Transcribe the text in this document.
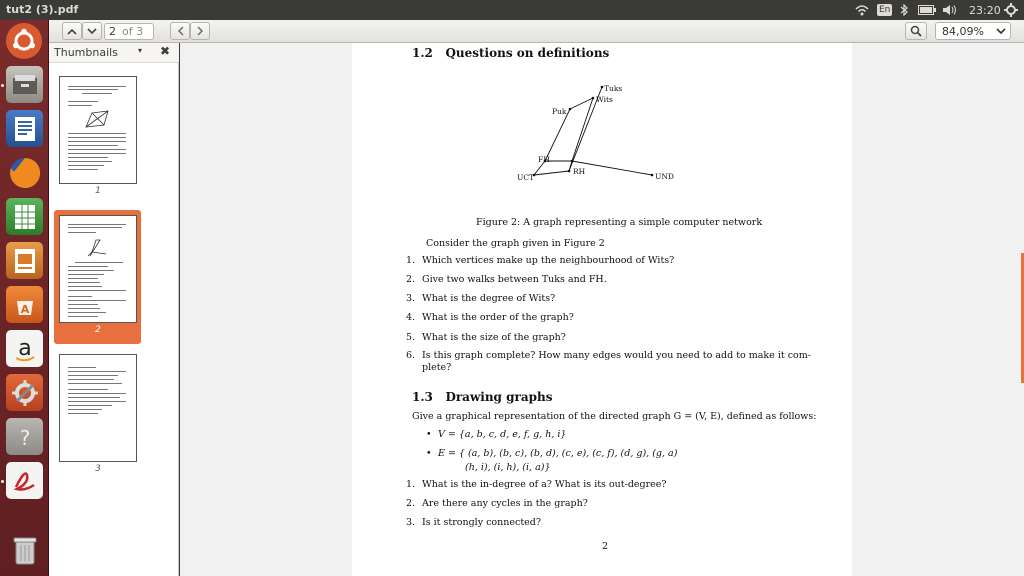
tut2 (3).pdf	En	23:20
A
a
?
2 of 3	84,09%
Thumbnails	▾ ✖
1
2
3
1.2 Questions on definitions
Tuks
Wits
Puk
FH
RH
UCT	UND
Figure 2: A graph representing a simple computer network
Consider the graph given in Figure 2
1. Which vertices make up the neighbourhood of Wits?
2. Give two walks between Tuks and FH.
3. What is the degree of Wits?
4. What is the order of the graph?
5. What is the size of the graph?
6. Is this graph complete? How many edges would you need to add to make it com-
plete?
1.3 Drawing graphs
Give a graphical representation of the directed graph G = (V, E), defined as follows:
• V = {a, b, c, d, e, f, g, h, i}
• E = { (a, b), (b, c), (b, d), (c, e), (c, f), (d, g), (g, a)
(h, i), (i, h), (i, a)}
1. What is the in-degree of a? What is its out-degree?
2. Are there any cycles in the graph?
3. Is it strongly connected?
2
